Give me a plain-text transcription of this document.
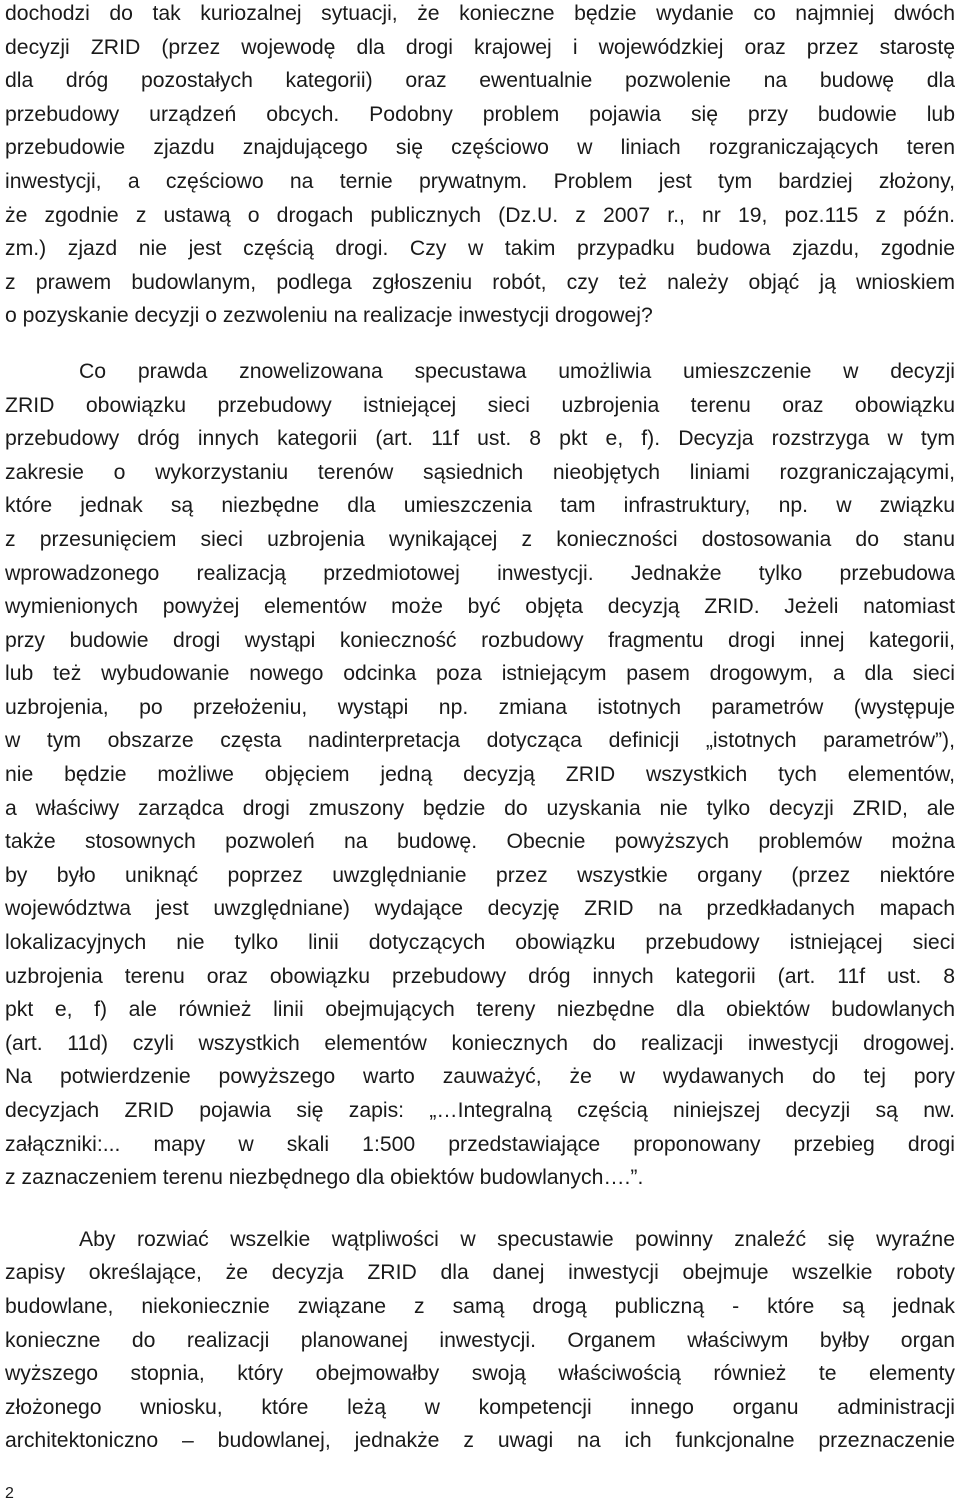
dochodzi do tak kuriozalnej sytuacji, że konieczne będzie wydanie co najmniej dwóch
decyzji ZRID (przez wojewodę dla drogi krajowej i wojewódzkiej oraz przez starostę
dla dróg pozostałych kategorii) oraz ewentualnie pozwolenie na budowę dla
przebudowy urządzeń obcych. Podobny problem pojawia się przy budowie lub
przebudowie zjazdu znajdującego się częściowo w liniach rozgraniczających teren
inwestycji, a częściowo na ternie prywatnym. Problem jest tym bardziej złożony,
że zgodnie z ustawą o drogach publicznych (Dz.U. z 2007 r., nr 19, poz.115 z późn.
zm.) zjazd nie jest częścią drogi. Czy w takim przypadku budowa zjazdu, zgodnie
z prawem budowlanym, podlega zgłoszeniu robót, czy też należy objąć ją wnioskiem
o pozyskanie decyzji o zezwoleniu na realizacje inwestycji drogowej?

Co prawda znowelizowana specustawa umożliwia umieszczenie w decyzji
ZRID obowiązku przebudowy istniejącej sieci uzbrojenia terenu oraz obowiązku
przebudowy dróg innych kategorii (art. 11f ust. 8 pkt e, f). Decyzja rozstrzyga w tym
zakresie o wykorzystaniu terenów sąsiednich nieobjętych liniami rozgraniczającymi,
które jednak są niezbędne dla umieszczenia tam infrastruktury, np. w związku
z przesunięciem sieci uzbrojenia wynikającej z konieczności dostosowania do stanu
wprowadzonego realizacją przedmiotowej inwestycji. Jednakże tylko przebudowa
wymienionych powyżej elementów może być objęta decyzją ZRID. Jeżeli natomiast
przy budowie drogi wystąpi konieczność rozbudowy fragmentu drogi innej kategorii,
lub też wybudowanie nowego odcinka poza istniejącym pasem drogowym, a dla sieci
uzbrojenia, po przełożeniu, wystąpi np. zmiana istotnych parametrów (występuje
w tym obszarze częsta nadinterpretacja dotycząca definicji „istotnych parametrów”),
nie będzie możliwe objęciem jedną decyzją ZRID wszystkich tych elementów,
a właściwy zarządca drogi zmuszony będzie do uzyskania nie tylko decyzji ZRID, ale
także stosownych pozwoleń na budowę. Obecnie powyższych problemów można
by było uniknąć poprzez uwzględnianie przez wszystkie organy (przez niektóre
województwa jest uwzględniane) wydające decyzję ZRID na przedkładanych mapach
lokalizacyjnych nie tylko linii dotyczących obowiązku przebudowy istniejącej sieci
uzbrojenia terenu oraz obowiązku przebudowy dróg innych kategorii (art. 11f ust. 8
pkt e, f) ale również linii obejmujących tereny niezbędne dla obiektów budowlanych
(art. 11d) czyli wszystkich elementów koniecznych do realizacji inwestycji drogowej.
Na potwierdzenie powyższego warto zauważyć, że w wydawanych do tej pory
decyzjach ZRID pojawia się zapis: „…Integralną częścią niniejszej decyzji są nw.
załączniki:... mapy w skali 1:500 przedstawiające proponowany przebieg drogi
z zaznaczeniem terenu niezbędnego dla obiektów budowlanych….”.

Aby rozwiać wszelkie wątpliwości w specustawie powinny znaleźć się wyraźne
zapisy określające, że decyzja ZRID dla danej inwestycji obejmuje wszelkie roboty
budowlane, niekoniecznie związane z samą drogą publiczną - które są jednak
konieczne do realizacji planowanej inwestycji. Organem właściwym byłby organ
wyższego stopnia, który obejmowałby swoją właściwością również te elementy
złożonego wniosku, które leżą w kompetencji innego organu administracji
architektoniczno – budowlanej, jednakże z uwagi na ich funkcjonalne przeznaczenie

2
